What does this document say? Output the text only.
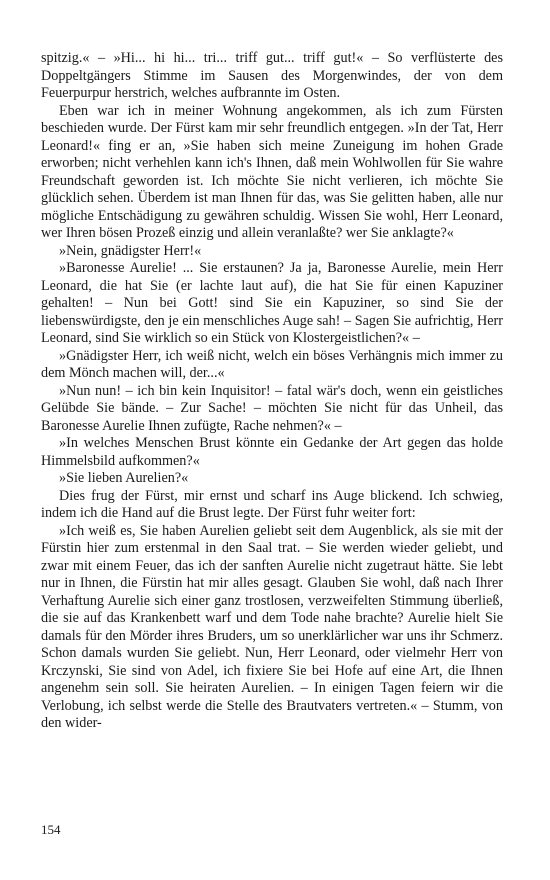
spitzig.« – »Hi... hi hi... tri... triff gut... triff gut!« – So verflüsterte des Doppeltgängers Stimme im Sausen des Morgenwindes, der von dem Feuerpurpur herstrich, welches aufbrannte im Osten.

Eben war ich in meiner Wohnung angekommen, als ich zum Fürsten beschieden wurde. Der Fürst kam mir sehr freundlich entgegen. »In der Tat, Herr Leonard!« fing er an, »Sie haben sich meine Zuneigung im hohen Grade erworben; nicht verhehlen kann ich's Ihnen, daß mein Wohlwollen für Sie wahre Freundschaft geworden ist. Ich möchte Sie nicht verlieren, ich möchte Sie glücklich sehen. Überdem ist man Ihnen für das, was Sie gelitten haben, alle nur mögliche Entschädigung zu gewähren schuldig. Wissen Sie wohl, Herr Leonard, wer Ihren bösen Prozeß einzig und allein veranlaßte? wer Sie anklagte?«

»Nein, gnädigster Herr!«

»Baronesse Aurelie! ... Sie erstaunen? Ja ja, Baronesse Aurelie, mein Herr Leonard, die hat Sie (er lachte laut auf), die hat Sie für einen Kapuziner gehalten! – Nun bei Gott! sind Sie ein Kapuziner, so sind Sie der liebenswürdigste, den je ein menschliches Auge sah! – Sagen Sie aufrichtig, Herr Leonard, sind Sie wirklich so ein Stück von Klostergeistlichen?« –

»Gnädigster Herr, ich weiß nicht, welch ein böses Verhängnis mich immer zu dem Mönch machen will, der...«

»Nun nun! – ich bin kein Inquisitor! – fatal wär's doch, wenn ein geistliches Gelübde Sie bände. – Zur Sache! – möchten Sie nicht für das Unheil, das Baronesse Aurelie Ihnen zufügte, Rache nehmen?« –

»In welches Menschen Brust könnte ein Gedanke der Art gegen das holde Himmelsbild aufkommen?«

»Sie lieben Aurelien?«

Dies frug der Fürst, mir ernst und scharf ins Auge blickend. Ich schwieg, indem ich die Hand auf die Brust legte. Der Fürst fuhr weiter fort:

»Ich weiß es, Sie haben Aurelien geliebt seit dem Augenblick, als sie mit der Fürstin hier zum erstenmal in den Saal trat. – Sie werden wieder geliebt, und zwar mit einem Feuer, das ich der sanften Aurelie nicht zugetraut hätte. Sie lebt nur in Ihnen, die Fürstin hat mir alles gesagt. Glauben Sie wohl, daß nach Ihrer Verhaftung Aurelie sich einer ganz trostlosen, verzweifelten Stimmung überließ, die sie auf das Krankenbett warf und dem Tode nahe brachte? Aurelie hielt Sie damals für den Mörder ihres Bruders, um so unerklärlicher war uns ihr Schmerz. Schon damals wurden Sie geliebt. Nun, Herr Leonard, oder vielmehr Herr von Krczynski, Sie sind von Adel, ich fixiere Sie bei Hofe auf eine Art, die Ihnen angenehm sein soll. Sie heiraten Aurelien. – In einigen Tagen feiern wir die Verlobung, ich selbst werde die Stelle des Brautvaters vertreten.« – Stumm, von den wider-

154
